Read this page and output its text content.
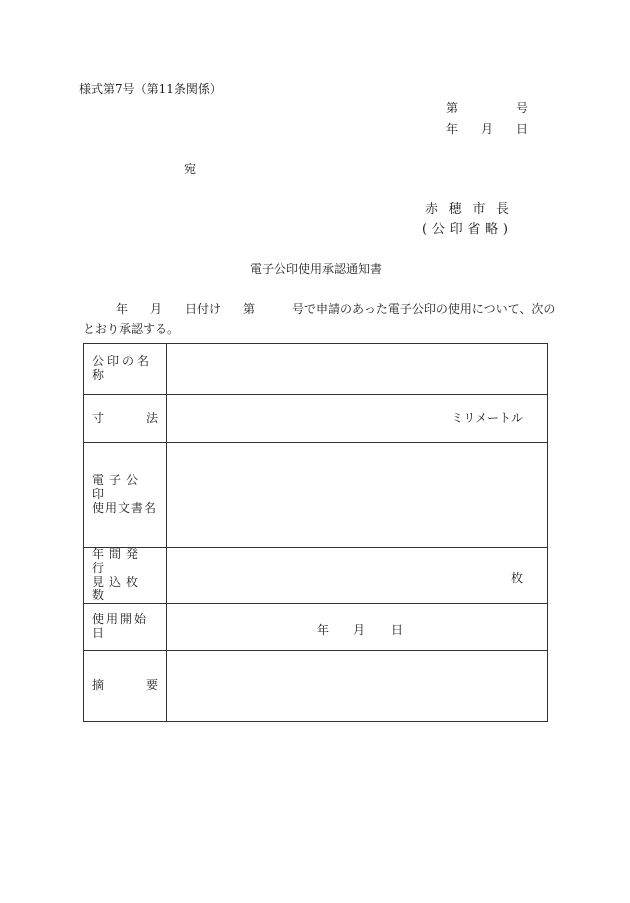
様式第7号（第11条関係）
第	号
年 月 日
宛
赤 穂 市 長
( 公 印 省 略 )
電子公印使用承認通知書
年 月 日付け 第	号で申請のあった電子公印の使用について、次の
とおり承認する。
公印の名称	

寸 法	ミリメートル

電子公印
使用文書名	

年間発行
見込枚数	枚

使用開始日	年 月 日

摘 要	
